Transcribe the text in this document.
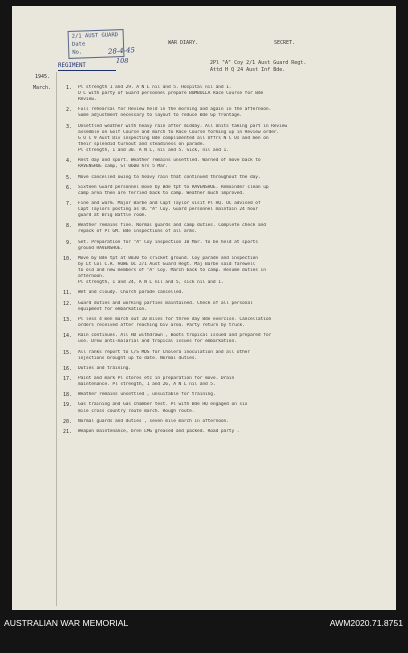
2/1 AUST GUARD
Date
No.	28-4-45
108
WAR DIARY.	SECRET.
2Pl "A" Coy 2/1 Aust Guard Regt.
Attd H Q 24 Aust Inf Bde.
REGIMENT
1945.
March.	1. Pl strength 1 and 29. A N L nil and 5. Hospital nil and 1.
O C with party of Guard personnel prepare BOMBOLLA Race Course for Bde
Review.
2. Full rehearsal for Review held in the morning and again in the afternoon.
Some adjustment necessary to layout to reduce Bde Gp frontage.
3. Unsettled weather with heavy rain after midday. All Units taking part in Review
assemble on Golf Course and march to Race Course forming up in Review order.
G O C 9 Aust Div inspecting Bde complimented all Offrs N C Os and men on
their splendid turnout and steadiness on parade.
Pl strength, 1 and 30. A N L, nil and 5. Sick, nil and 1.
4. Rest day and sport. Weather remains unsettled. Warned of move back to
RAVENSHOE camp, ST 0600 hrs 5 Mar.
5. Move cancelled owing to heavy rain that continued throughout the day.
6. Sixteen Guard personnel move by Bde tpt to RAVENSHOE. Remainder clean up
camp area then are ferried back to camp. Weather much improved.
7. Fine and warm. Major Barbe and Capt Taylor visit Pl HQ. OC advised of
Capt Taylors posting as OC "A" Coy. Guard personnel maintain 24 hour
guard at Brig Battle room.
8. Weather remains fine. Normal guards and camp duties. Complete check and
repack of Pl GM. Bde inspections of all arms.
9. Set. Preparation for "A" Coy inspection 10 Mar. to be held at sports
ground RAVENSHOE.
10. Move by Bde tpt at 0830 to cricket ground. Coy parade and inspection
by Lt Col C.R. HOWE OC 2/1 Aust Guard Regt. Maj Barbe said farewell
to old and new members of "A" Coy. March back to camp. Resume duties in
afternoon.
Pl strength, 1 and 24, A N L nil and 5, sick nil and 1.
11. Wet and cloudy. Church parade cancelled.
12. Guard duties and working parties maintained. Check of all personal
equipment for embarkation.
13. Pl less 4 men march out 10 miles for three day Bde exercise. Cancellation
orders received after reaching biv area. Party return by truck.
14. Rain continues. All HD withdrawn , Boots tropical issued and prepared for
use. Drew anti-malarial and tropical issues for embarkation.
15. All ranks report to C/S MDS for Cholera inoculation and all other
injections brought up to date. Normal duties.
16. Duties and training.
17. Paint and mark Pl stores etc in preparation for move. Drain
maintenance. Pl strength, 1 and 26, A N L nil and 5.
18. Weather remains unsettled , unsuitable for training.
19. Gas training and Gas chamber test. Pl with Bde HQ engaged on six
mile cross country route march. Rough route.
20. Normal guards and duties , seven mile march in afternoon.
21. Weapon maintenance, bren LMG greased and packed. Road party .
AUSTRALIAN WAR MEMORIAL	AWM2020.71.8751
